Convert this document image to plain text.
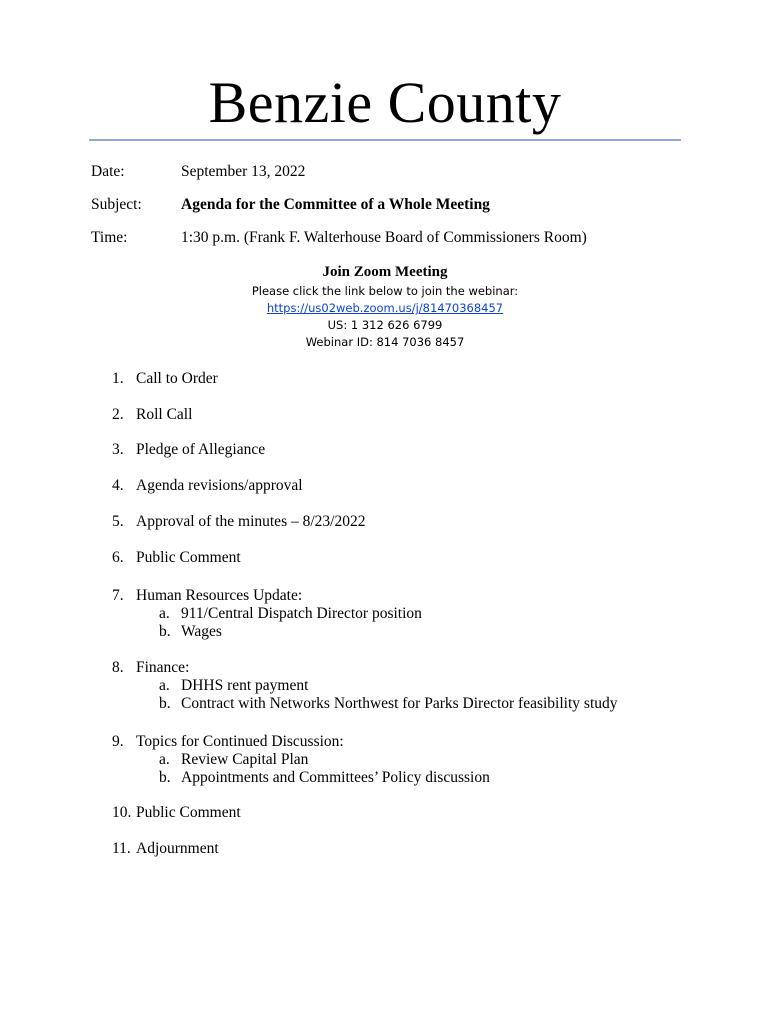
Benzie County
Date:	September 13, 2022
Subject:	Agenda for the Committee of a Whole Meeting
Time:	1:30 p.m. (Frank F. Walterhouse Board of Commissioners Room)
Join Zoom Meeting
Please click the link below to join the webinar:
https://us02web.zoom.us/j/81470368457
US: 1 312 626 6799
Webinar ID: 814 7036 8457
1. Call to Order
2. Roll Call
3. Pledge of Allegiance
4. Agenda revisions/approval
5. Approval of the minutes – 8/23/2022
6. Public Comment
7. Human Resources Update:
a. 911/Central Dispatch Director position
b. Wages
8. Finance:
a. DHHS rent payment
b. Contract with Networks Northwest for Parks Director feasibility study
9. Topics for Continued Discussion:
a. Review Capital Plan
b. Appointments and Committees’ Policy discussion
10. Public Comment
11. Adjournment
